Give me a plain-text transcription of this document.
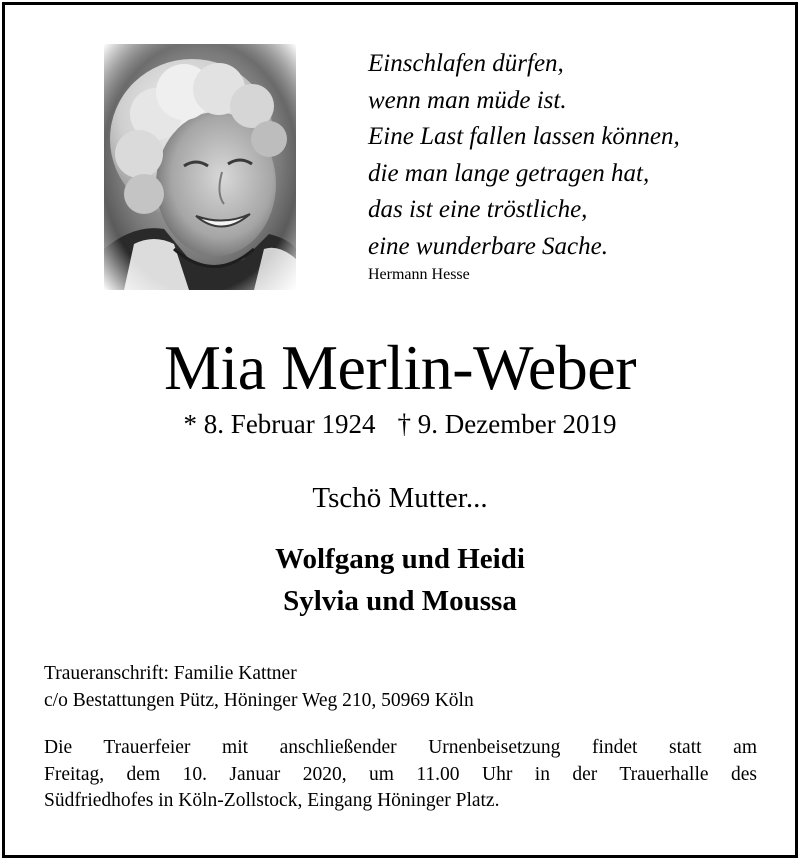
Einschlafen dürfen,
wenn man müde ist.
Eine Last fallen lassen können,
die man lange getragen hat,
das ist eine tröstliche,
eine wunderbare Sache.
Hermann Hesse
Mia Merlin-Weber
* 8. Februar 1924 † 9. Dezember 2019
Tschö Mutter...
Wolfgang und Heidi
Sylvia und Moussa
Traueranschrift: Familie Kattner
c/o Bestattungen Pütz, Höninger Weg 210, 50969 Köln
Die Trauerfeier mit anschließender Urnenbeisetzung findet statt am
Freitag, dem 10. Januar 2020, um 11.00 Uhr in der Trauerhalle des
Südfriedhofes in Köln-Zollstock, Eingang Höninger Platz.
